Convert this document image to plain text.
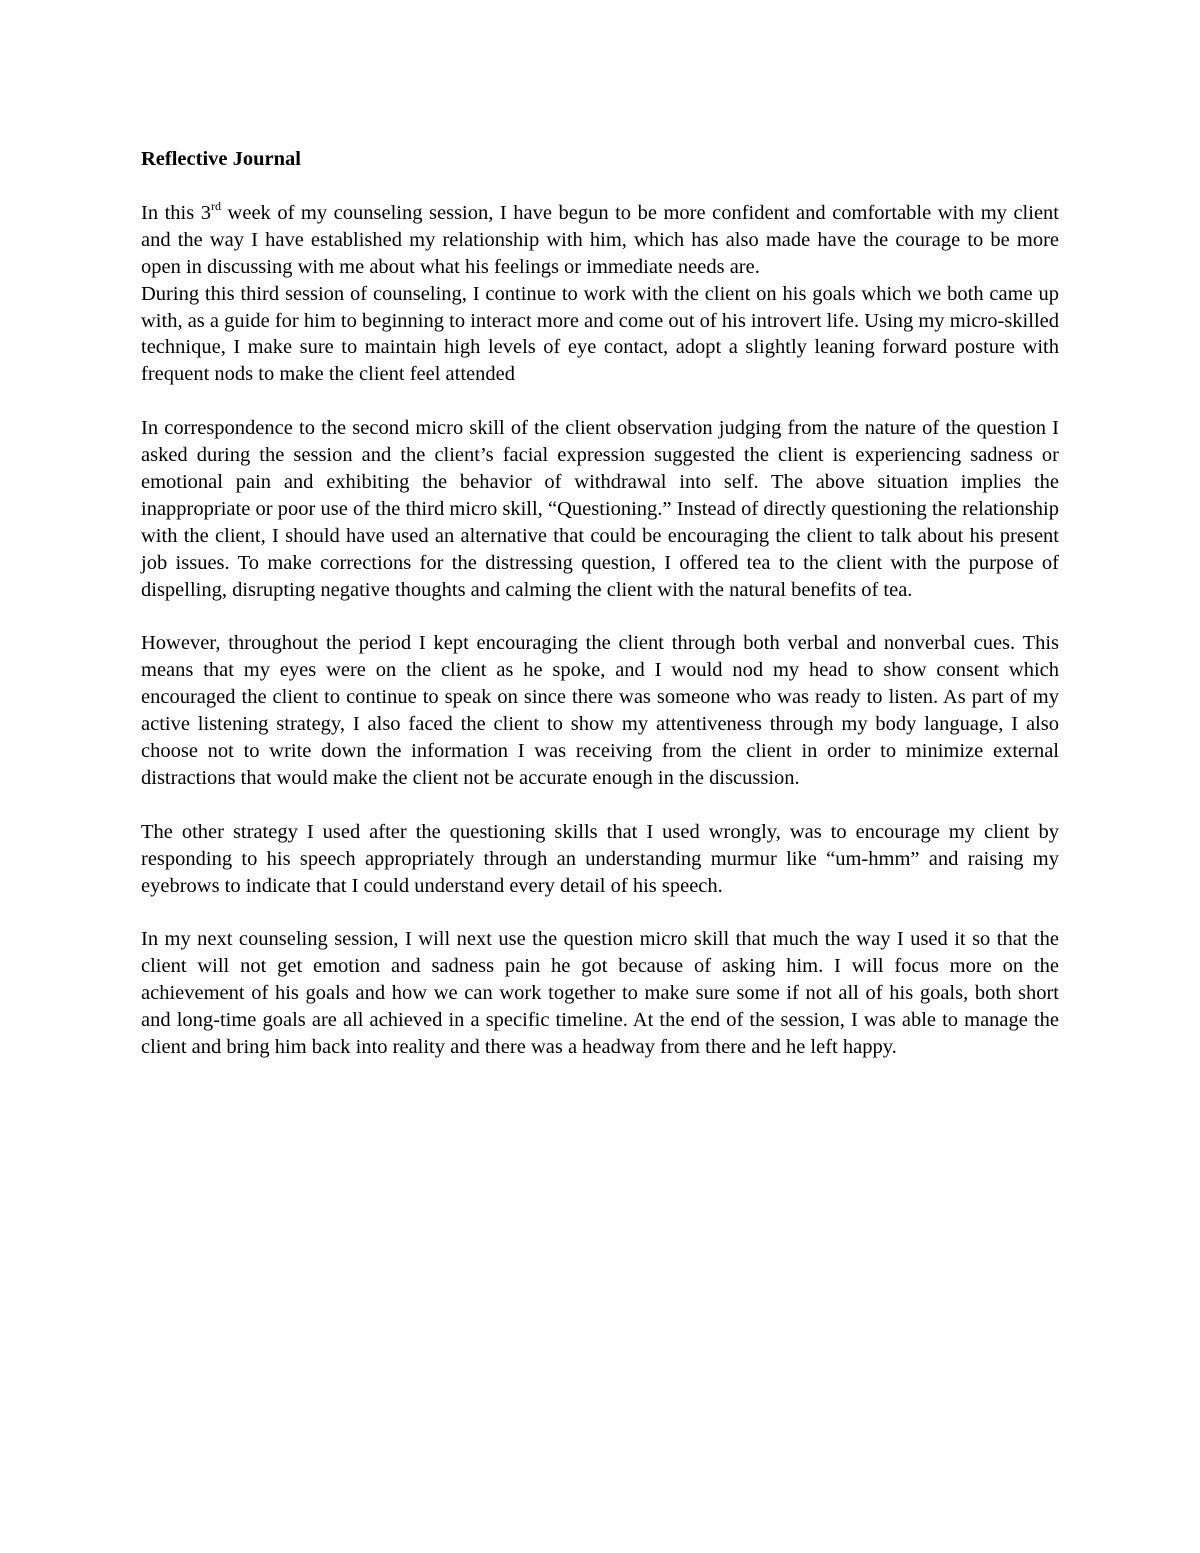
Reflective Journal

In this 3rd week of my counseling session, I have begun to be more confident and comfortable with my client and the way I have established my relationship with him, which has also made have the courage to be more open in discussing with me about what his feelings or immediate needs are.

During this third session of counseling, I continue to work with the client on his goals which we both came up with, as a guide for him to beginning to interact more and come out of his introvert life. Using my micro-skilled technique, I make sure to maintain high levels of eye contact, adopt a slightly leaning forward posture with frequent nods to make the client feel attended

In correspondence to the second micro skill of the client observation judging from the nature of the question I asked during the session and the client’s facial expression suggested the client is experiencing sadness or emotional pain and exhibiting the behavior of withdrawal into self. The above situation implies the inappropriate or poor use of the third micro skill, “Questioning.” Instead of directly questioning the relationship with the client, I should have used an alternative that could be encouraging the client to talk about his present job issues. To make corrections for the distressing question, I offered tea to the client with the purpose of dispelling, disrupting negative thoughts and calming the client with the natural benefits of tea.

However, throughout the period I kept encouraging the client through both verbal and nonverbal cues. This means that my eyes were on the client as he spoke, and I would nod my head to show consent which encouraged the client to continue to speak on since there was someone who was ready to listen. As part of my active listening strategy, I also faced the client to show my attentiveness through my body language, I also choose not to write down the information I was receiving from the client in order to minimize external distractions that would make the client not be accurate enough in the discussion.

The other strategy I used after the questioning skills that I used wrongly, was to encourage my client by responding to his speech appropriately through an understanding murmur like “um-hmm” and raising my eyebrows to indicate that I could understand every detail of his speech.

In my next counseling session, I will next use the question micro skill that much the way I used it so that the client will not get emotion and sadness pain he got because of asking him. I will focus more on the achievement of his goals and how we can work together to make sure some if not all of his goals, both short and long-time goals are all achieved in a specific timeline. At the end of the session, I was able to manage the client and bring him back into reality and there was a headway from there and he left happy.
